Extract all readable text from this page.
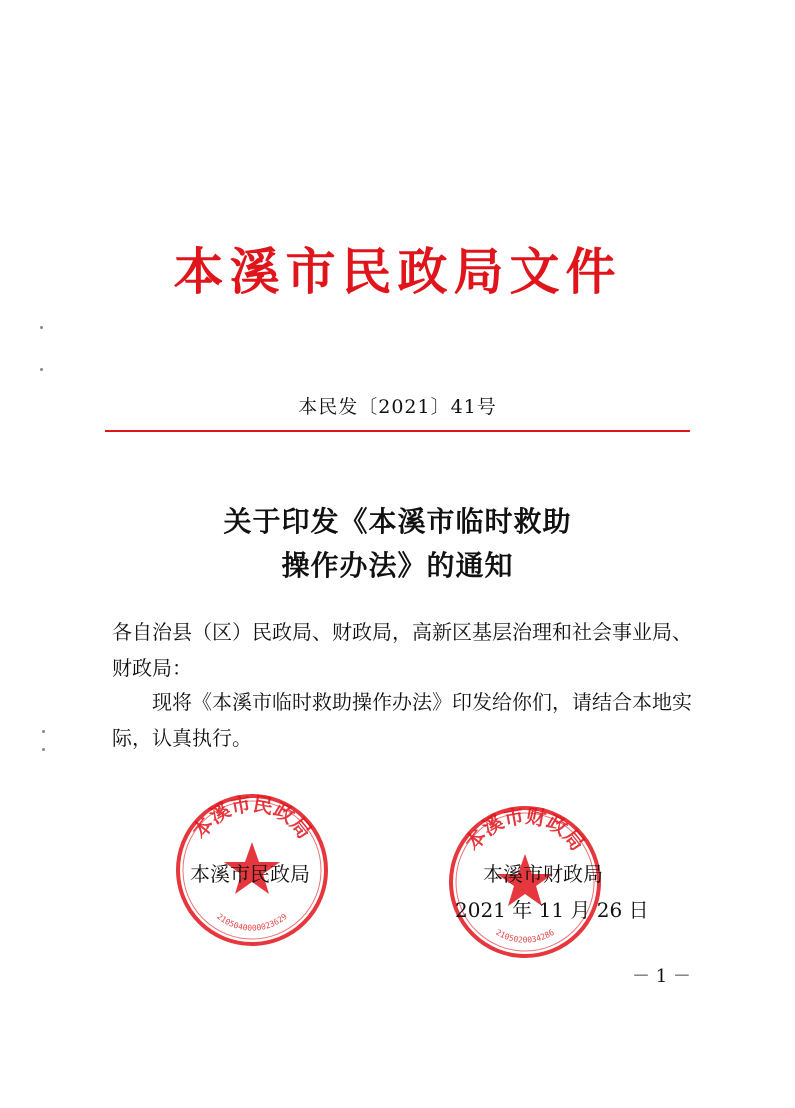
本溪市民政局文件
本民发〔2021〕41号
关于印发《本溪市临时救助
操作办法》的通知
各自治县（区）民政局、财政局，高新区基层治理和社会事业局、财政局：
现将《本溪市临时救助操作办法》印发给你们，请结合本地实际，认真执行。
本溪市民政局
2105040000023629
本溪市财政局
2105020034286
本溪市民政局	本溪市财政局
2021 年 11 月 26 日
－ 1 －
